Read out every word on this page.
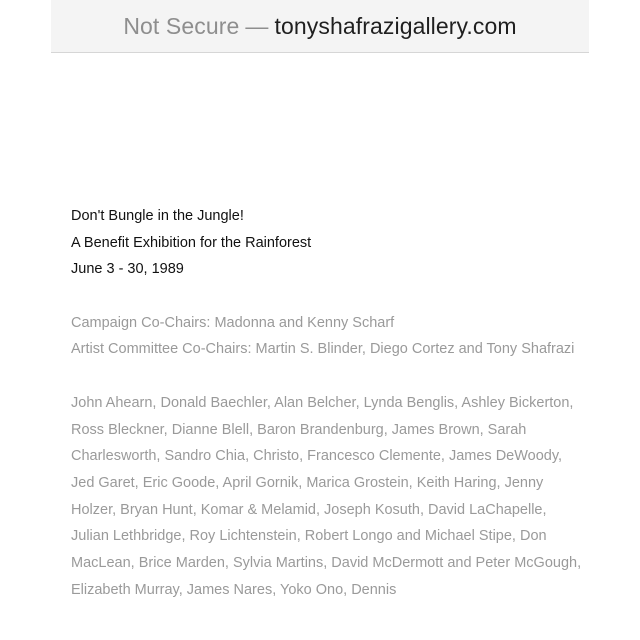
Not Secure — tonyshafrazigallery.com

Don't Bungle in the Jungle!

A Benefit Exhibition for the Rainforest

June 3 - 30, 1989

Campaign Co-Chairs: Madonna and Kenny Scharf

Artist Committee Co-Chairs: Martin S. Blinder, Diego Cortez and Tony Shafrazi

John Ahearn, Donald Baechler, Alan Belcher, Lynda Benglis, Ashley Bickerton, Ross Bleckner, Dianne Blell, Baron Brandenburg, James Brown, Sarah Charlesworth, Sandro Chia, Christo, Francesco Clemente, James DeWoody, Jed Garet, Eric Goode, April Gornik, Marica Grostein, Keith Haring, Jenny Holzer, Bryan Hunt, Komar & Melamid, Joseph Kosuth, David LaChapelle, Julian Lethbridge, Roy Lichtenstein, Robert Longo and Michael Stipe, Don MacLean, Brice Marden, Sylvia Martins, David McDermott and Peter McGough, Elizabeth Murray, James Nares, Yoko Ono, Dennis
